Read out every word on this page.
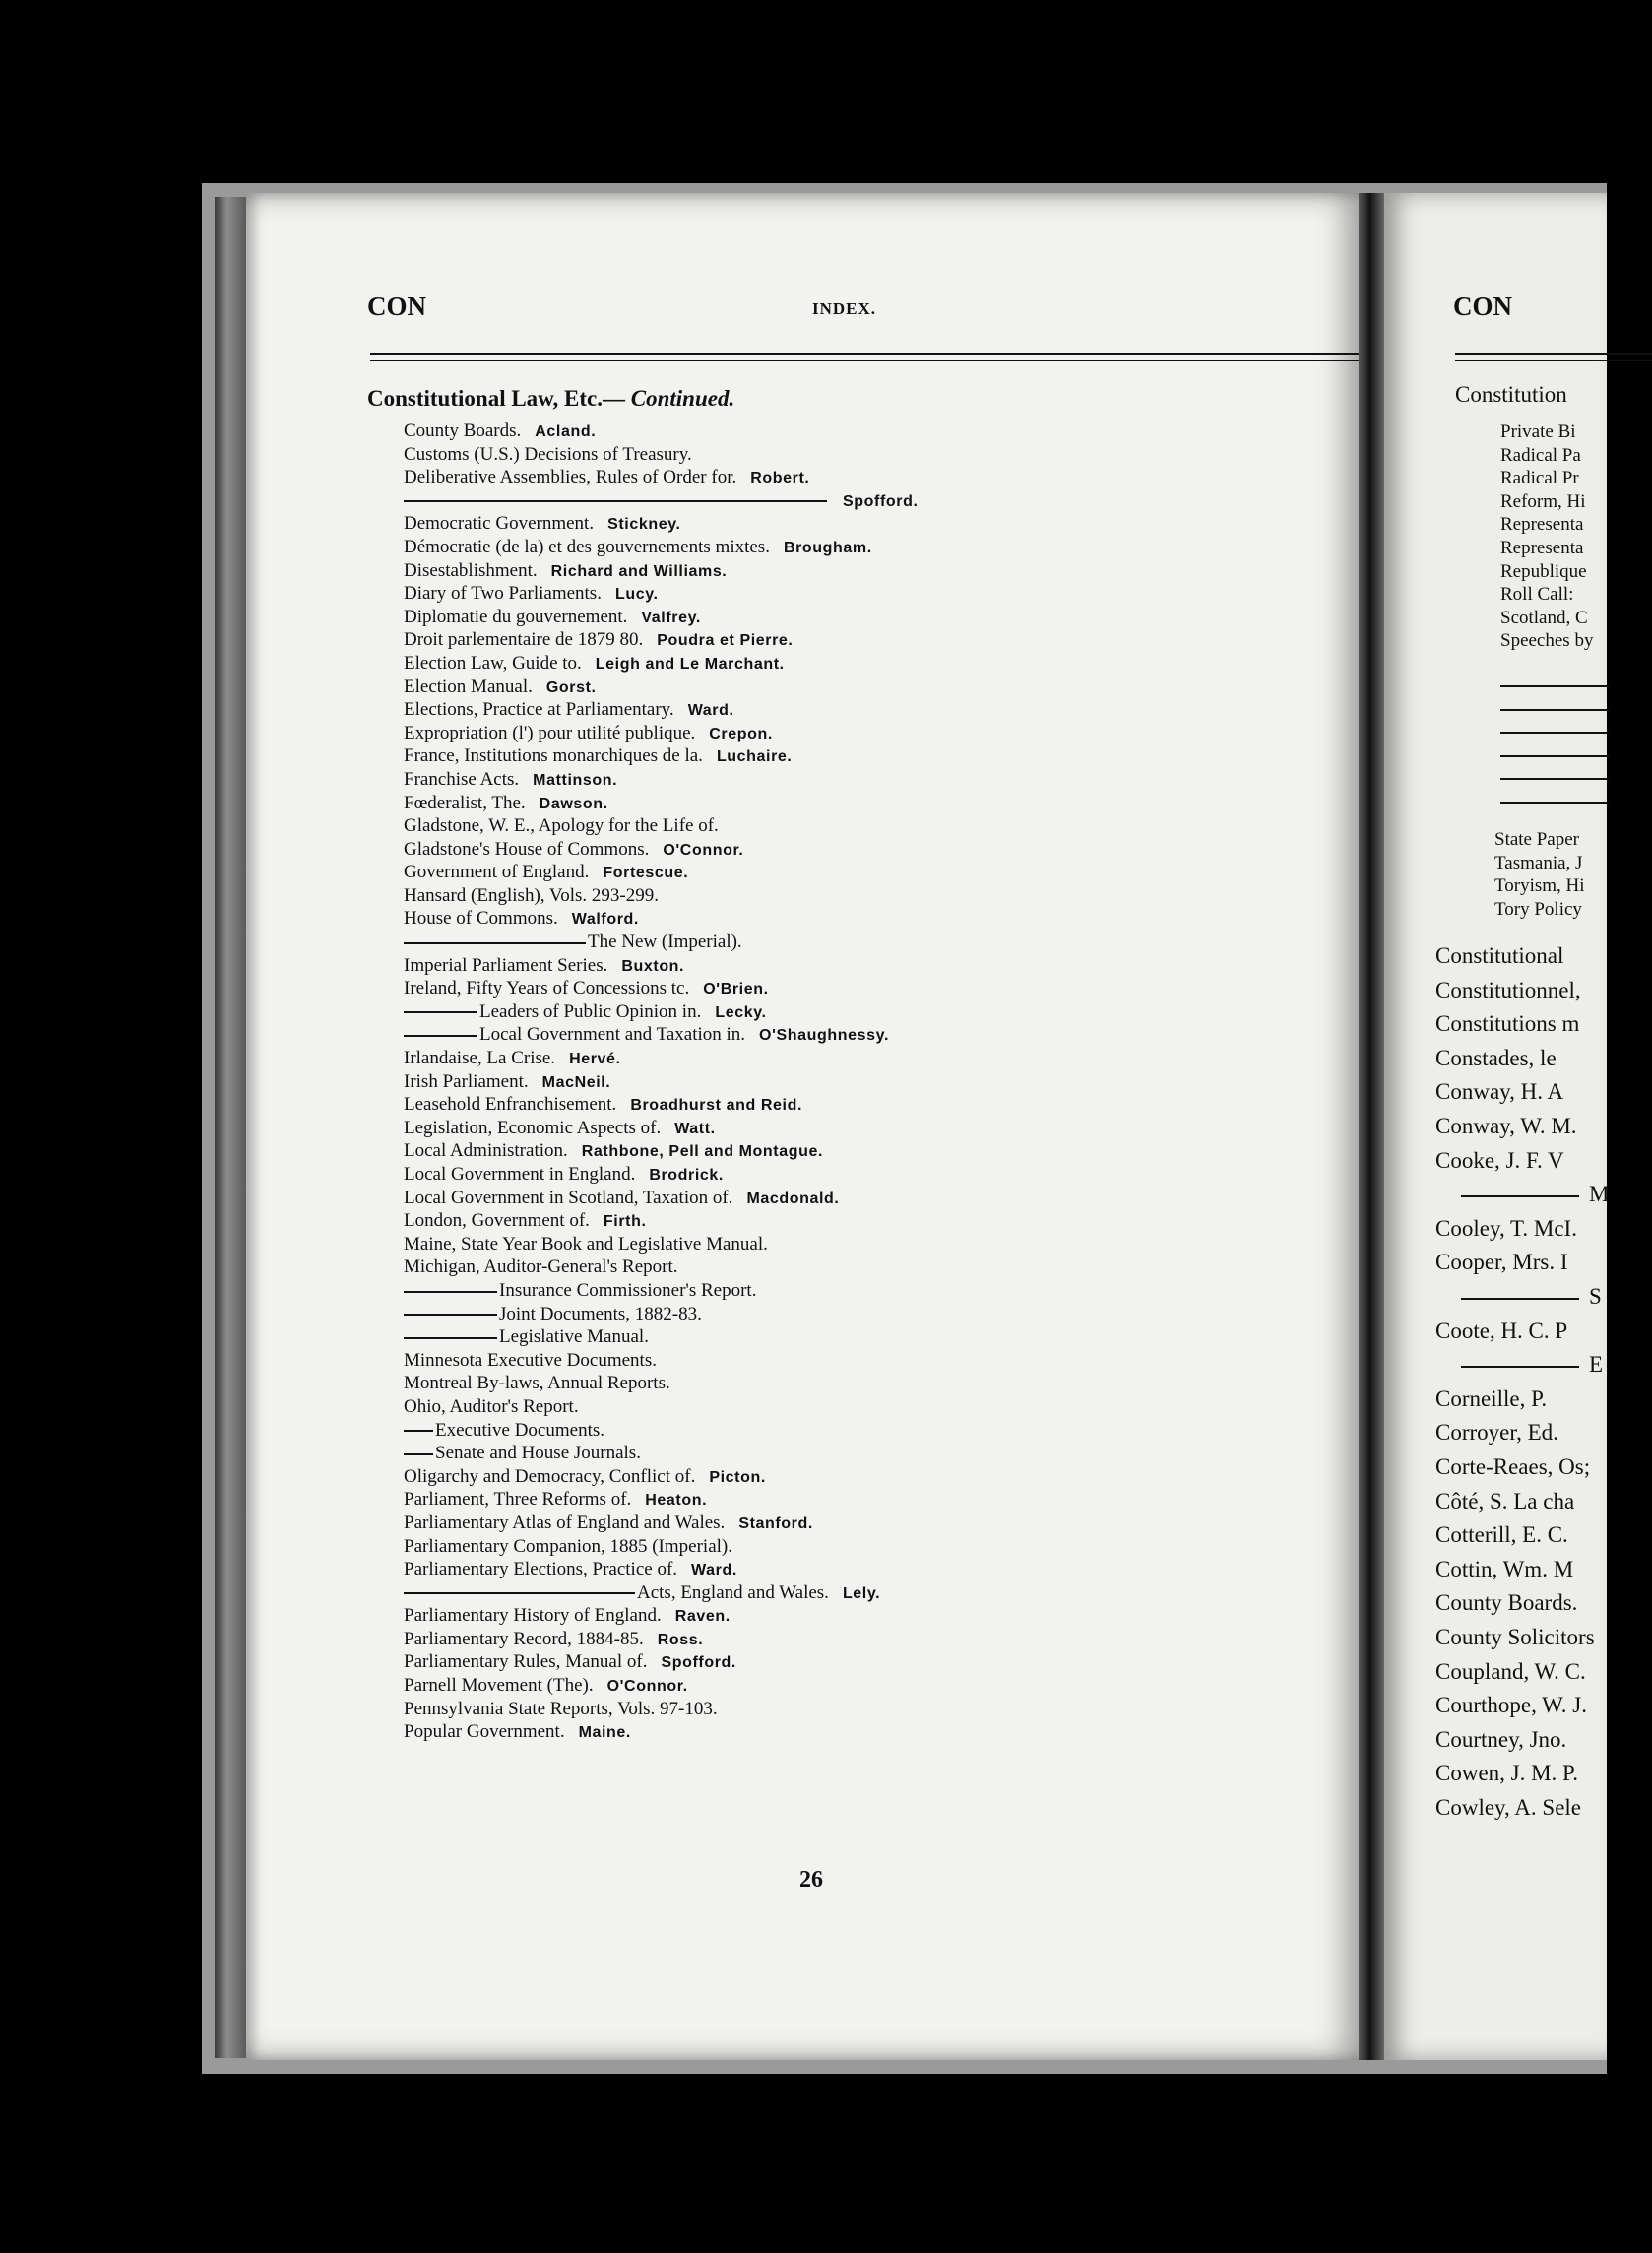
CON	INDEX.
26
Constitutional Law, Etc.— Continued.
County Boards. Acland.
Customs (U.S.) Decisions of Treasury.
Deliberative Assemblies, Rules of Order for. Robert.
Spofford.
Democratic Government. Stickney.
Démocratie (de la) et des gouvernements mixtes. Brougham.
Disestablishment. Richard and Williams.
Diary of Two Parliaments. Lucy.
Diplomatie du gouvernement. Valfrey.
Droit parlementaire de 1879 80. Poudra et Pierre.
Election Law, Guide to. Leigh and Le Marchant.
Election Manual. Gorst.
Elections, Practice at Parliamentary. Ward.
Expropriation (l') pour utilité publique. Crepon.
France, Institutions monarchiques de la. Luchaire.
Franchise Acts. Mattinson.
Fœderalist, The. Dawson.
Gladstone, W. E., Apology for the Life of.
Gladstone's House of Commons. O'Connor.
Government of England. Fortescue.
Hansard (English), Vols. 293-299.
House of Commons. Walford.
The New (Imperial).
Imperial Parliament Series. Buxton.
Ireland, Fifty Years of Concessions tc. O'Brien.
Leaders of Public Opinion in. Lecky.
Local Government and Taxation in. O'Shaughnessy.
Irlandaise, La Crise. Hervé.
Irish Parliament. MacNeil.
Leasehold Enfranchisement. Broadhurst and Reid.
Legislation, Economic Aspects of. Watt.
Local Administration. Rathbone, Pell and Montague.
Local Government in England. Brodrick.
Local Government in Scotland, Taxation of. Macdonald.
London, Government of. Firth.
Maine, State Year Book and Legislative Manual.
Michigan, Auditor-General's Report.
Insurance Commissioner's Report.
Joint Documents, 1882-83.
Legislative Manual.
Minnesota Executive Documents.
Montreal By-laws, Annual Reports.
Ohio, Auditor's Report.
Executive Documents.
Senate and House Journals.
Oligarchy and Democracy, Conflict of. Picton.
Parliament, Three Reforms of. Heaton.
Parliamentary Atlas of England and Wales. Stanford.
Parliamentary Companion, 1885 (Imperial).
Parliamentary Elections, Practice of. Ward.
Acts, England and Wales. Lely.
Parliamentary History of England. Raven.
Parliamentary Record, 1884-85. Ross.
Parliamentary Rules, Manual of. Spofford.
Parnell Movement (The). O'Connor.
Pennsylvania State Reports, Vols. 97-103.
Popular Government. Maine.
CON
Constitution
Private Bi
Radical Pa
Radical Pr
Reform, Hi
Representa
Representa
Republique
Roll Call:
Scotland, C
Speeches by
State Paper
Tasmania, J
Toryism, Hi
Tory Policy
Constitutional
Constitutionnel,
Constitutions m
Constades, le
Conway, H. A
Conway, W. M.
Cooke, J. F. V
M
Cooley, T. McI.
Cooper, Mrs. I
S
Coote, H. C. P
E
Corneille, P.
Corroyer, Ed.
Corte-Reaes, Os;
Côté, S. La cha
Cotterill, E. C.
Cottin, Wm. M
County Boards.
County Solicitors
Coupland, W. C.
Courthope, W. J.
Courtney, Jno.
Cowen, J. M. P.
Cowley, A. Sele
